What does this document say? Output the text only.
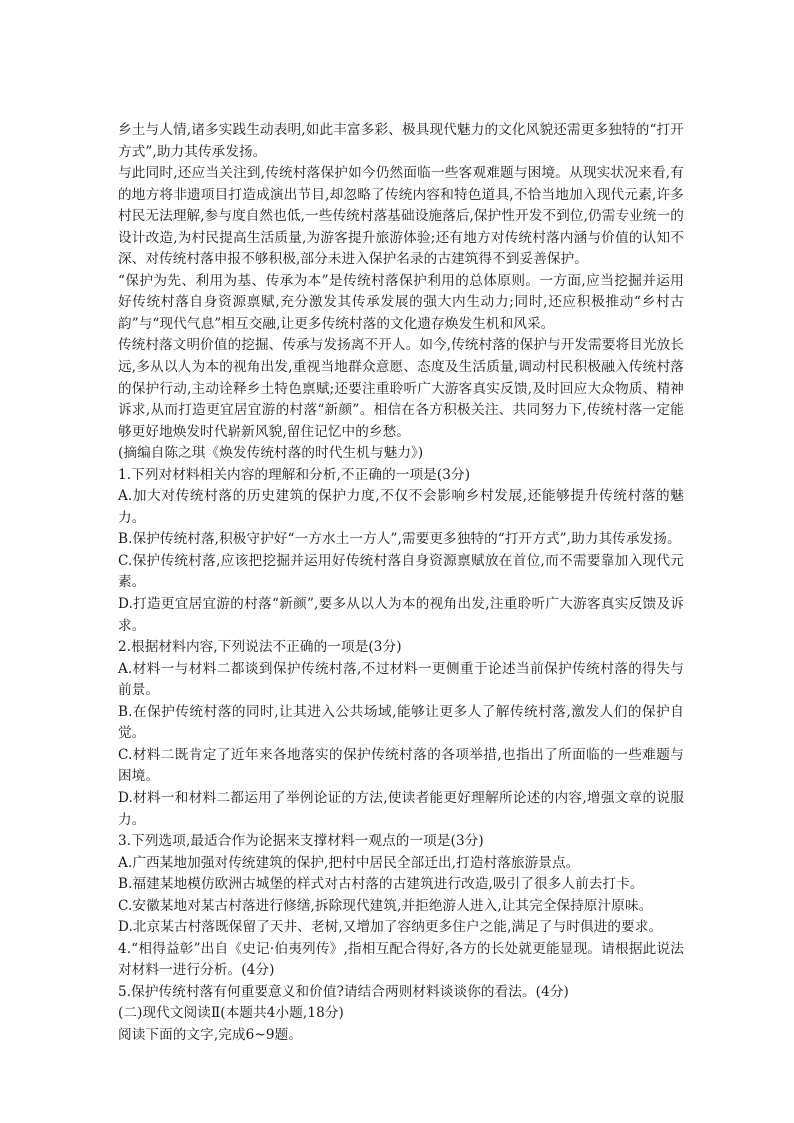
乡土与人情,诸多实践生动表明,如此丰富多彩、极具现代魅力的文化风貌还需更多独特的“打开方式”,助力其传承发扬。

与此同时,还应当关注到,传统村落保护如今仍然面临一些客观难题与困境。从现实状况来看,有的地方将非遗项目打造成演出节目,却忽略了传统内容和特色道具,不恰当地加入现代元素,许多村民无法理解,参与度自然也低,一些传统村落基础设施落后,保护性开发不到位,仍需专业统一的设计改造,为村民提高生活质量,为游客提升旅游体验;还有地方对传统村落内涵与价值的认知不深、对传统村落申报不够积极,部分未进入保护名录的古建筑得不到妥善保护。

“保护为先、利用为基、传承为本”是传统村落保护利用的总体原则。一方面,应当挖掘并运用好传统村落自身资源禀赋,充分激发其传承发展的强大内生动力;同时,还应积极推动“乡村古韵”与“现代气息”相互交融,让更多传统村落的文化遗存焕发生机和风采。

传统村落文明价值的挖掘、传承与发扬离不开人。如今,传统村落的保护与开发需要将目光放长远,多从以人为本的视角出发,重视当地群众意愿、态度及生活质量,调动村民积极融入传统村落的保护行动,主动诠释乡土特色禀赋;还要注重聆听广大游客真实反馈,及时回应大众物质、精神诉求,从而打造更宜居宜游的村落“新颜”。相信在各方积极关注、共同努力下,传统村落一定能够更好地焕发时代崭新风貌,留住记忆中的乡愁。

(摘编自陈之琪《焕发传统村落的时代生机与魅力》)

1.下列对材料相关内容的理解和分析,不正确的一项是(3分)

A.加大对传统村落的历史建筑的保护力度,不仅不会影响乡村发展,还能够提升传统村落的魅力。

B.保护传统村落,积极守护好“一方水土一方人”,需要更多独特的“打开方式”,助力其传承发扬。

C.保护传统村落,应该把挖掘并运用好传统村落自身资源禀赋放在首位,而不需要靠加入现代元素。

D.打造更宜居宜游的村落“新颜”,要多从以人为本的视角出发,注重聆听广大游客真实反馈及诉求。

2.根据材料内容,下列说法不正确的一项是(3分)

A.材料一与材料二都谈到保护传统村落,不过材料一更侧重于论述当前保护传统村落的得失与前景。

B.在保护传统村落的同时,让其进入公共场域,能够让更多人了解传统村落,激发人们的保护自觉。

C.材料二既肯定了近年来各地落实的保护传统村落的各项举措,也指出了所面临的一些难题与困境。

D.材料一和材料二都运用了举例论证的方法,使读者能更好理解所论述的内容,增强文章的说服力。

3.下列选项,最适合作为论据来支撑材料一观点的一项是(3分)

A.广西某地加强对传统建筑的保护,把村中居民全部迁出,打造村落旅游景点。

B.福建某地模仿欧洲古城堡的样式对古村落的古建筑进行改造,吸引了很多人前去打卡。

C.安徽某地对某古村落进行修缮,拆除现代建筑,并拒绝游人进入,让其完全保持原汁原味。

D.北京某古村落既保留了天井、老树,又增加了容纳更多住户之能,满足了与时俱进的要求。

4.“相得益彰”出自《史记·伯夷列传》,指相互配合得好,各方的长处就更能显现。请根据此说法对材料一进行分析。(4分)

5.保护传统村落有何重要意义和价值?请结合两则材料谈谈你的看法。(4分)

(二)现代文阅读Ⅱ(本题共4小题,18分)

阅读下面的文字,完成6~9题。
